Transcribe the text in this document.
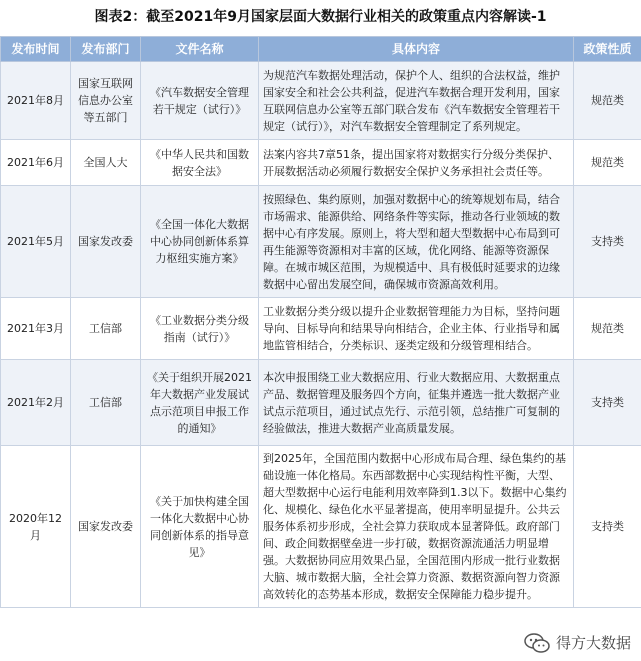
图表2：截至2021年9月国家层面大数据行业相关的政策重点内容解读-1
发布时间	发布部门	文件名称	具体内容	政策性质
2021年8月	国家互联网信息办公室等五部门	《汽车数据安全管理若干规定（试行）》	为规范汽车数据处理活动，保护个人、组织的合法权益，维护国家安全和社会公共利益，促进汽车数据合理开发利用，国家互联网信息办公室等五部门联合发布《汽车数据安全管理若干规定（试行）》，对汽车数据安全管理制定了系列规定。	规范类
2021年6月	全国人大	《中华人民共和国数据安全法》	法案内容共7章51条，提出国家将对数据实行分级分类保护、开展数据活动必须履行数据安全保护义务承担社会责任等。	规范类
2021年5月	国家发改委	《全国一体化大数据中心协同创新体系算力枢纽实施方案》	按照绿色、集约原则，加强对数据中心的统筹规划布局，结合市场需求、能源供给、网络条件等实际，推动各行业领域的数据中心有序发展。原则上，将大型和超大型数据中心布局到可再生能源等资源相对丰富的区域，优化网络、能源等资源保障。在城市城区范围，为规模适中、具有极低时延要求的边缘数据中心留出发展空间，确保城市资源高效利用。	支持类
2021年3月	工信部	《工业数据分类分级指南（试行）》	工业数据分类分级以提升企业数据管理能力为目标，坚持问题导向、目标导向和结果导向相结合，企业主体、行业指导和属地监管相结合，分类标识、逐类定级和分级管理相结合。	规范类
2021年2月	工信部	《关于组织开展2021年大数据产业发展试点示范项目申报工作的通知》	本次申报围绕工业大数据应用、行业大数据应用、大数据重点产品、数据管理及服务四个方向，征集并遴选一批大数据产业试点示范项目，通过试点先行、示范引领，总结推广可复制的经验做法，推进大数据产业高质量发展。	支持类
2020年12月	国家发改委	《关于加快构建全国一体化大数据中心协同创新体系的指导意见》	到2025年，全国范围内数据中心形成布局合理、绿色集约的基础设施一体化格局。东西部数据中心实现结构性平衡，大型、超大型数据中心运行电能利用效率降到1.3以下。数据中心集约化、规模化、绿色化水平显著提高，使用率明显提升。公共云服务体系初步形成，全社会算力获取成本显著降低。政府部门间、政企间数据壁垒进一步打破，数据资源流通活力明显增强。大数据协同应用效果凸显，全国范围内形成一批行业数据大脑、城市数据大脑，全社会算力资源、数据资源向智力资源高效转化的态势基本形成，数据安全保障能力稳步提升。	支持类
得方大数据
